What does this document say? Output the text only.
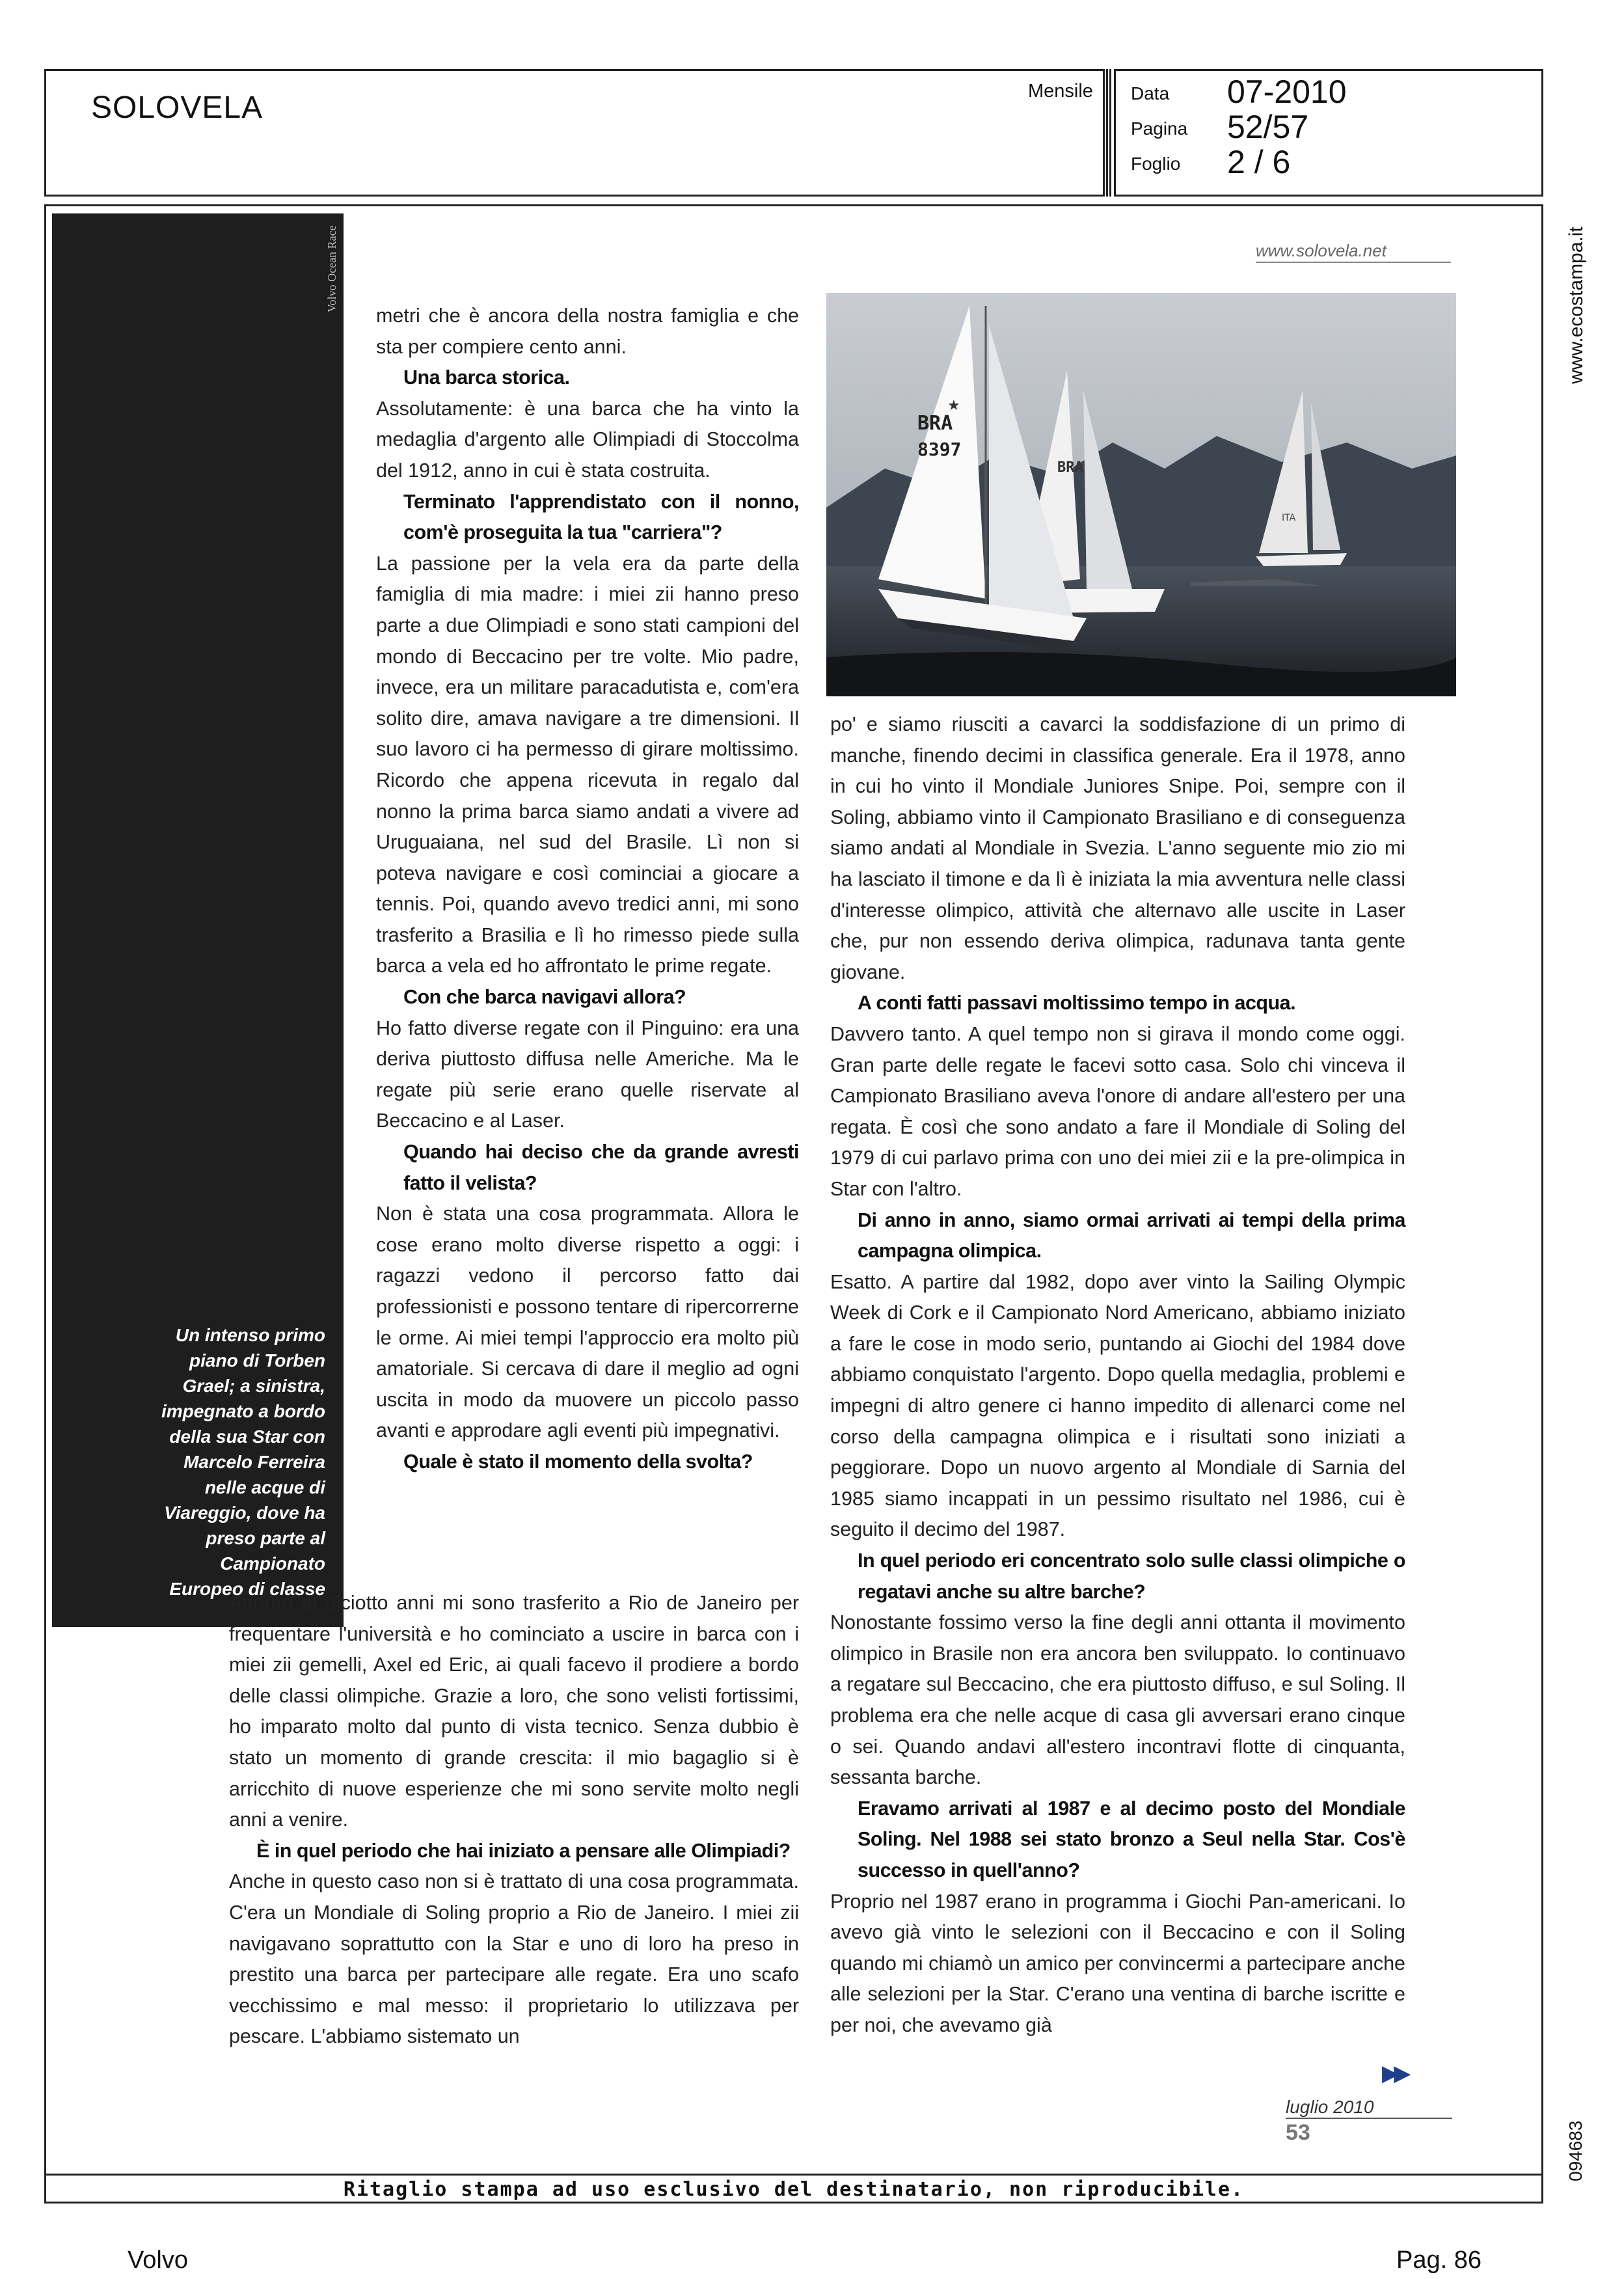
SOLOVELA	Mensile Data 07-2010
Pagina 52/57
Foglio 2 / 6
Volvo Ocean Race
Un intenso primo
piano di Torben
Grael; a sinistra,
impegnato a bordo
della sua Star con
Marcelo Ferreira
nelle acque di
Viareggio, dove ha
preso parte al
Campionato
Europeo di classe
www.solovela.net
ITA
BRA
BRA
8397
★

metri che è ancora della nostra famiglia e che sta per compiere cento anni.

Una barca storica.

Assolutamente: è una barca che ha vinto la medaglia d'argento alle Olimpiadi di Stoccolma del 1912, anno in cui è stata costruita.

Terminato l'apprendistato con il nonno, com'è proseguita la tua "carriera"?

La passione per la vela era da parte della famiglia di mia madre: i miei zii hanno preso parte a due Olimpiadi e sono stati campioni del mondo di Beccacino per tre volte. Mio padre, invece, era un militare paracadutista e, com'era solito dire, amava navigare a tre dimensioni. Il suo lavoro ci ha permesso di girare moltissimo. Ricordo che appena ricevuta in regalo dal nonno la prima barca siamo andati a vivere ad Uruguaiana, nel sud del Brasile. Lì non si poteva navigare e così cominciai a giocare a tennis. Poi, quando avevo tredici anni, mi sono trasferito a Brasilia e lì ho rimesso piede sulla barca a vela ed ho affrontato le prime regate.

Con che barca navigavi allora?

Ho fatto diverse regate con il Pinguino: era una deriva piuttosto diffusa nelle Americhe. Ma le regate più serie erano quelle riservate al Beccacino e al Laser.

Quando hai deciso che da grande avresti fatto il velista?

Non è stata una cosa programmata. Allora le cose erano molto diverse rispetto a oggi: i ragazzi vedono il percorso fatto dai professionisti e possono tentare di ripercorrerne le orme. Ai miei tempi l'approccio era molto più amatoriale. Si cercava di dare il meglio ad ogni uscita in modo da muovere un piccolo passo avanti e approdare agli eventi più impegnativi.

Quale è stato il momento della svolta?

Attorno ai diciotto anni mi sono trasferito a Rio de Janeiro per frequentare l'università e ho cominciato a uscire in barca con i miei zii gemelli, Axel ed Eric, ai quali facevo il prodiere a bordo delle classi olimpiche. Grazie a loro, che sono velisti fortissimi, ho imparato molto dal punto di vista tecnico. Senza dubbio è stato un momento di grande crescita: il mio bagaglio si è arricchito di nuove esperienze che mi sono servite molto negli anni a venire.

È in quel periodo che hai iniziato a pensare alle Olimpiadi?

Anche in questo caso non si è trattato di una cosa programmata. C'era un Mondiale di Soling proprio a Rio de Janeiro. I miei zii navigavano soprattutto con la Star e uno di loro ha preso in prestito una barca per partecipare alle regate. Era uno scafo vecchissimo e mal messo: il proprietario lo utilizzava per pescare. L'abbiamo sistemato un

po' e siamo riusciti a cavarci la soddisfazione di un primo di manche, finendo decimi in classifica generale. Era il 1978, anno in cui ho vinto il Mondiale Juniores Snipe. Poi, sempre con il Soling, abbiamo vinto il Campionato Brasiliano e di conseguenza siamo andati al Mondiale in Svezia. L'anno seguente mio zio mi ha lasciato il timone e da lì è iniziata la mia avventura nelle classi d'interesse olimpico, attività che alternavo alle uscite in Laser che, pur non essendo deriva olimpica, radunava tanta gente giovane.

A conti fatti passavi moltissimo tempo in acqua.

Davvero tanto. A quel tempo non si girava il mondo come oggi. Gran parte delle regate le facevi sotto casa. Solo chi vinceva il Campionato Brasiliano aveva l'onore di andare all'estero per una regata. È così che sono andato a fare il Mondiale di Soling del 1979 di cui parlavo prima con uno dei miei zii e la pre-olimpica in Star con l'altro.

Di anno in anno, siamo ormai arrivati ai tempi della prima campagna olimpica.

Esatto. A partire dal 1982, dopo aver vinto la Sailing Olympic Week di Cork e il Campionato Nord Americano, abbiamo iniziato a fare le cose in modo serio, puntando ai Giochi del 1984 dove abbiamo conquistato l'argento. Dopo quella medaglia, problemi e impegni di altro genere ci hanno impedito di allenarci come nel corso della campagna olimpica e i risultati sono iniziati a peggiorare. Dopo un nuovo argento al Mondiale di Sarnia del 1985 siamo incappati in un pessimo risultato nel 1986, cui è seguito il decimo del 1987.

In quel periodo eri concentrato solo sulle classi olimpiche o regatavi anche su altre barche?

Nonostante fossimo verso la fine degli anni ottanta il movimento olimpico in Brasile non era ancora ben sviluppato. Io continuavo a regatare sul Beccacino, che era piuttosto diffuso, e sul Soling. Il problema era che nelle acque di casa gli avversari erano cinque o sei. Quando andavi all'estero incontravi flotte di cinquanta, sessanta barche.

Eravamo arrivati al 1987 e al decimo posto del Mondiale Soling. Nel 1988 sei stato bronzo a Seul nella Star. Cos'è successo in quell'anno?

Proprio nel 1987 erano in programma i Giochi Pan-americani. Io avevo già vinto le selezioni con il Beccacino e con il Soling quando mi chiamò un amico per convincermi a partecipare anche alle selezioni per la Star. C'erano una ventina di barche iscritte e per noi, che avevamo già

▶▶
luglio 2010
53
Ritaglio stampa ad uso esclusivo del destinatario, non riproducibile.
www.ecostampa.it
094683
Volvo	Pag. 86
